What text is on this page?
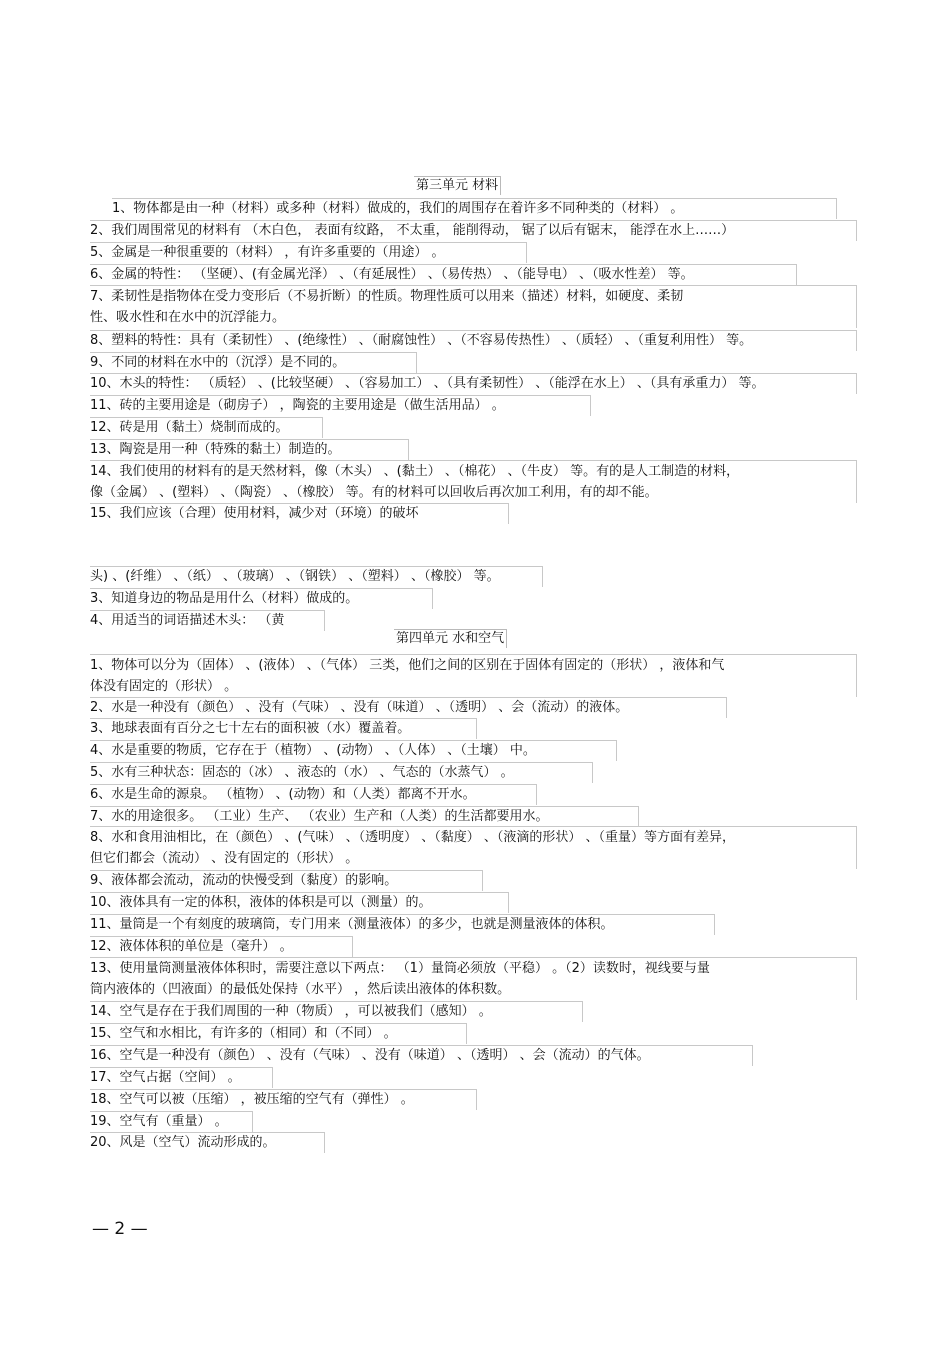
第三单元 材料
1、物体都是由一种（材料）或多种（材料）做成的，我们的周围存在着许多不同种类的（材料） 。
2、我们周围常见的材料有 （木白色， 表面有纹路， 不太重， 能削得动， 锯了以后有锯末， 能浮在水上……）
5、金属是一种很重要的（材料） ，有许多重要的（用途） 。
6、金属的特性： （坚硬）、(有金属光泽） 、（有延展性） 、（易传热） 、（能导电） 、（吸水性差） 等。
7、柔韧性是指物体在受力变形后（不易折断）的性质。物理性质可以用来（描述）材料，如硬度、柔韧
性、吸水性和在水中的沉浮能力。
8、塑料的特性：具有（柔韧性） 、(绝缘性） 、（耐腐蚀性） 、（不容易传热性） 、（质轻） 、（重复利用性） 等。
9、不同的材料在水中的（沉浮）是不同的。
10、木头的特性： （质轻） 、(比较坚硬） 、（容易加工） 、（具有柔韧性） 、（能浮在水上） 、（具有承重力） 等。
11、砖的主要用途是（砌房子） ，陶瓷的主要用途是（做生活用品） 。
12、砖是用（黏土）烧制而成的。
13、陶瓷是用一种（特殊的黏土）制造的。
14、我们使用的材料有的是天然材料，像（木头） 、(黏土） 、（棉花） 、（牛皮） 等。有的是人工制造的材料，
像（金属） 、(塑料） 、（陶瓷） 、（橡胶） 等。有的材料可以回收后再次加工利用，有的却不能。
15、我们应该（合理）使用材料，减少对（环境）的破坏
头) 、(纤维） 、（纸） 、（玻璃） 、（钢铁） 、（塑料） 、（橡胶） 等。
3、知道身边的物品是用什么（材料）做成的。
4、用适当的词语描述木头： （黄
第四单元 水和空气
1、物体可以分为（固体） 、(液体） 、（气体） 三类，他们之间的区别在于固体有固定的（形状） ，液体和气
体没有固定的（形状） 。
2、水是一种没有（颜色） 、没有（气味） 、没有（味道） 、（透明） 、会（流动）的液体。
3、地球表面有百分之七十左右的面积被（水）覆盖着。
4、水是重要的物质，它存在于（植物） 、(动物） 、（人体） 、（土壤） 中。
5、水有三种状态：固态的（冰） 、液态的（水） 、气态的（水蒸气） 。
6、水是生命的源泉。 （植物） 、(动物）和（人类）都离不开水。
7、水的用途很多。 （工业）生产、 （农业）生产和（人类）的生活都要用水。
8、水和食用油相比，在（颜色） 、(气味） 、（透明度） 、（黏度） 、（液滴的形状） 、（重量）等方面有差异，
但它们都会（流动） 、没有固定的（形状） 。
9、液体都会流动，流动的快慢受到（黏度）的影响。
10、液体具有一定的体积，液体的体积是可以（测量）的。
11、量筒是一个有刻度的玻璃筒，专门用来（测量液体）的多少，也就是测量液体的体积。
12、液体体积的单位是（毫升） 。
13、使用量筒测量液体体积时，需要注意以下两点： （1）量筒必须放（平稳） 。（2）读数时，视线要与量
筒内液体的（凹液面）的最低处保持（水平） ，然后读出液体的体积数。
14、空气是存在于我们周围的一种（物质） ，可以被我们（感知） 。
15、空气和水相比，有许多的（相同）和（不同） 。
16、空气是一种没有（颜色） 、没有（气味） 、没有（味道） 、（透明） 、会（流动）的气体。
17、空气占据（空间） 。
18、空气可以被（压缩） ，被压缩的空气有（弹性） 。
19、空气有（重量） 。
20、风是（空气）流动形成的。
— 2 —
